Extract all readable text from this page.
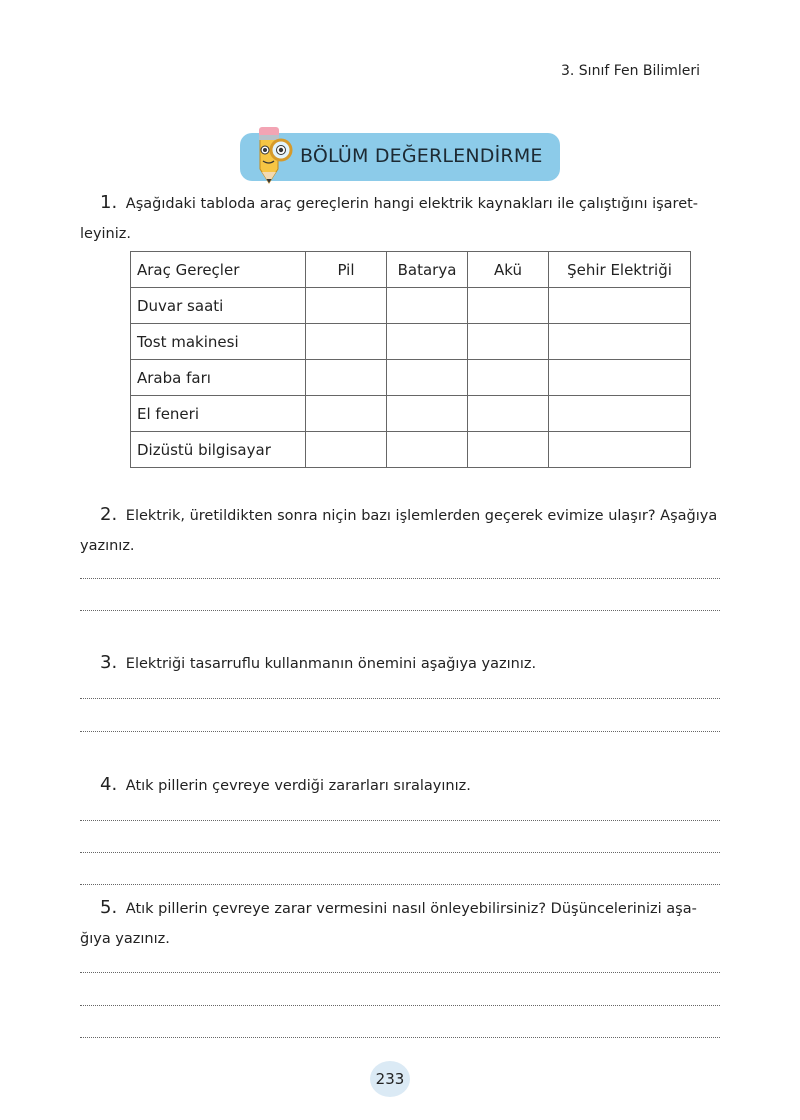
3. Sınıf Fen Bilimleri
BÖLÜM DEĞERLENDİRME
1. Aşağıdaki tabloda araç gereçlerin hangi elektrik kaynakları ile çalıştığını işaret-leyiniz.
Araç Gereçler	Pil	Batarya	Akü	Şehir Elektriği
Duvar saati				
Tost makinesi				
Araba farı				
El feneri				
Dizüstü bilgisayar				
2. Elektrik, üretildikten sonra niçin bazı işlemlerden geçerek evimize ulaşır? Aşağıya yazınız.
3. Elektriği tasarruflu kullanmanın önemini aşağıya yazınız.
4. Atık pillerin çevreye verdiği zararları sıralayınız.
5. Atık pillerin çevreye zarar vermesini nasıl önleyebilirsiniz? Düşüncelerinizi aşa-ğıya yazınız.
233
